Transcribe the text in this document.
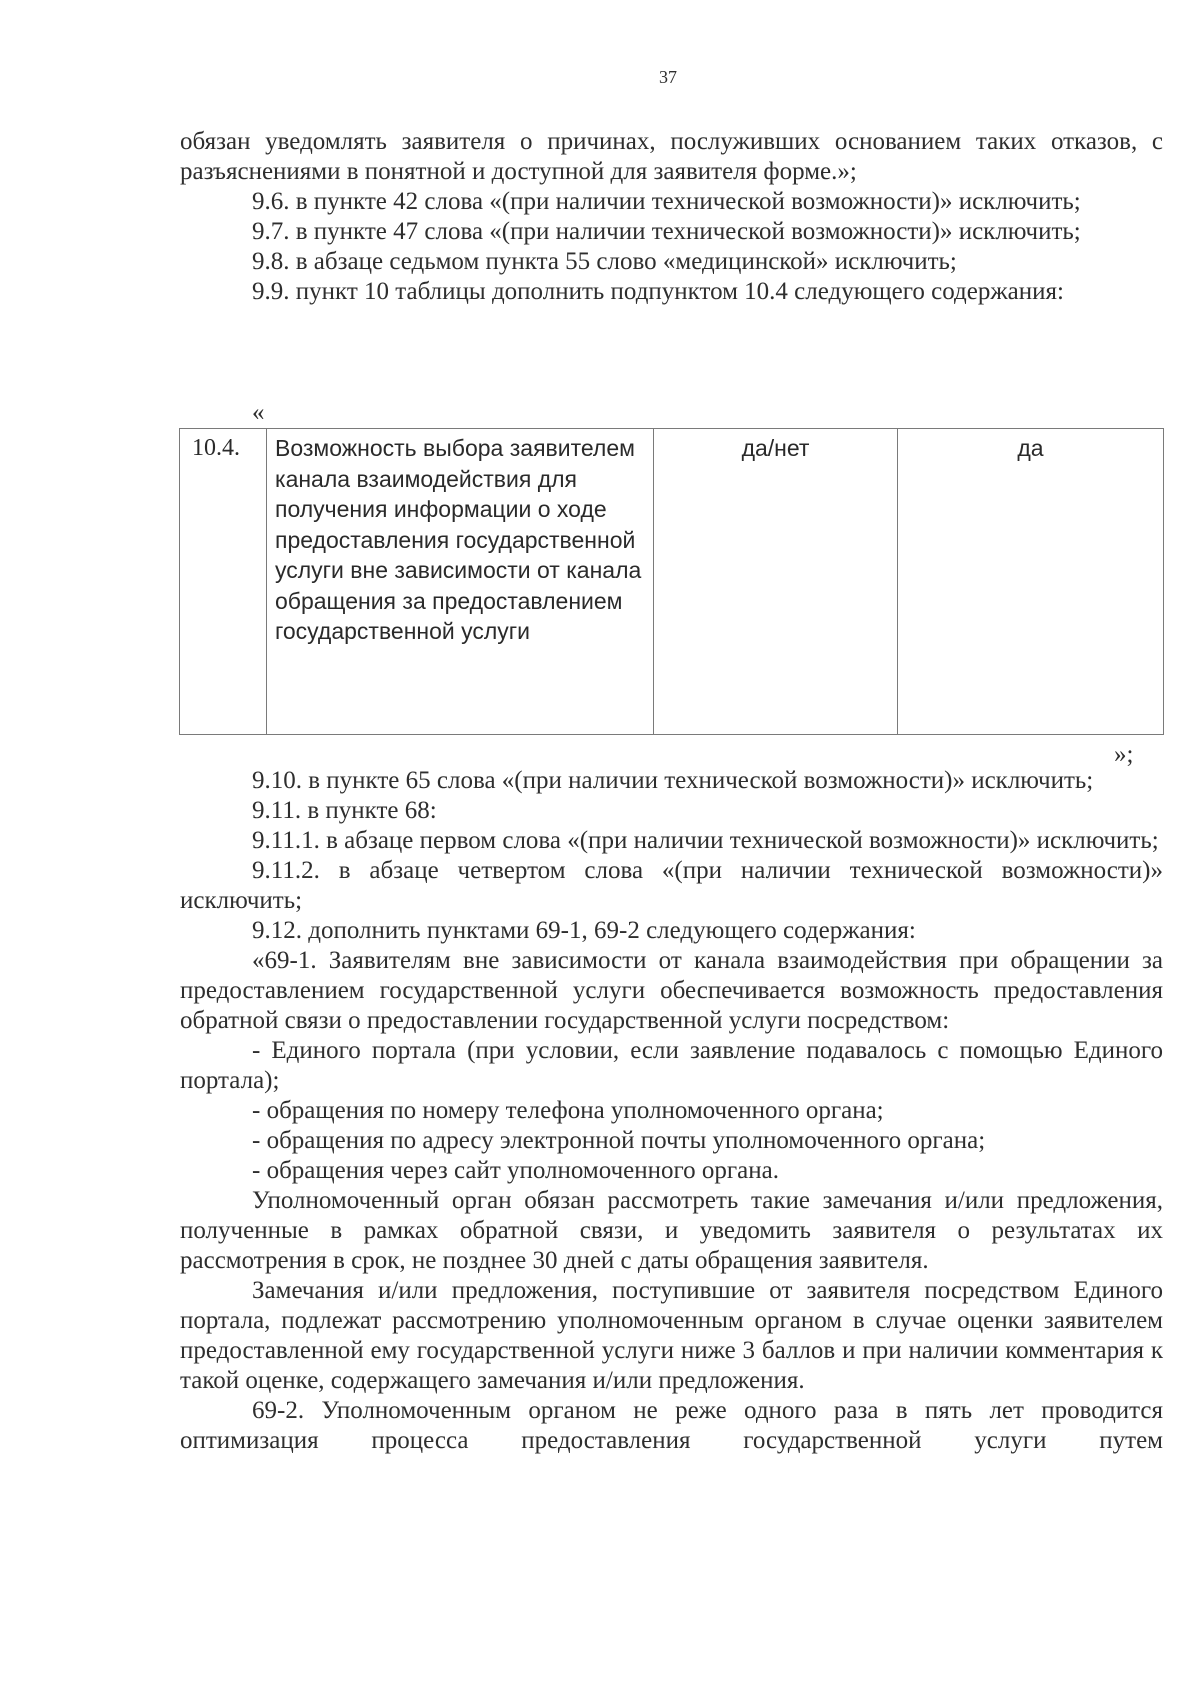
37

обязан уведомлять заявителя о причинах, послуживших основанием таких отказов, с разъяснениями в понятной и доступной для заявителя форме.»;

9.6. в пункте 42 слова «(при наличии технической возможности)» исключить;

9.7. в пункте 47 слова «(при наличии технической возможности)» исключить;

9.8. в абзаце седьмом пункта 55 слово «медицинской» исключить;

9.9. пункт 10 таблицы дополнить подпунктом 10.4 следующего содержания:

«
10.4.	Возможность выбора заявителем канала взаимодействия для получения информации о ходе предоставления государственной услуги вне зависимости от канала обращения за предоставлением государственной услуги	да/нет	да
»;

9.10. в пункте 65 слова «(при наличии технической возможности)» исключить;

9.11. в пункте 68:

9.11.1. в абзаце первом слова «(при наличии технической возможности)» исключить;

9.11.2. в абзаце четвертом слова «(при наличии технической возможности)» исключить;

9.12. дополнить пунктами 69-1, 69-2 следующего содержания:

«69-1. Заявителям вне зависимости от канала взаимодействия при обращении за предоставлением государственной услуги обеспечивается возможность предоставления обратной связи о предоставлении государственной услуги посредством:

- Единого портала (при условии, если заявление подавалось с помощью Единого портала);

- обращения по номеру телефона уполномоченного органа;

- обращения по адресу электронной почты уполномоченного органа;

- обращения через сайт уполномоченного органа.

Уполномоченный орган обязан рассмотреть такие замечания и/или предложения, полученные в рамках обратной связи, и уведомить заявителя о результатах их рассмотрения в срок, не позднее 30 дней с даты обращения заявителя.

Замечания и/или предложения, поступившие от заявителя посредством Единого портала, подлежат рассмотрению уполномоченным органом в случае оценки заявителем предоставленной ему государственной услуги ниже 3 баллов и при наличии комментария к такой оценке, содержащего замечания и/или предложения.

69-2. Уполномоченным органом не реже одного раза в пять лет проводится оптимизация процесса предоставления государственной услуги путем
